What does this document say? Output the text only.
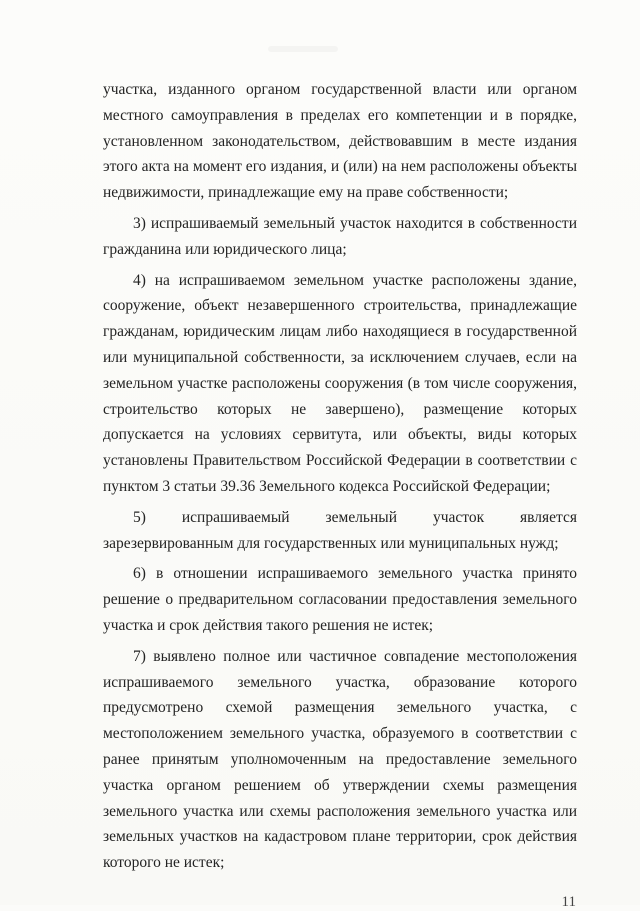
участка, изданного органом государственной власти или органом местного самоуправления в пределах его компетенции и в порядке, установленном законодательством, действовавшим в месте издания этого акта на момент его издания, и (или) на нем расположены объекты недвижимости, принадлежащие ему на праве собственности;

3) испрашиваемый земельный участок находится в собственности гражданина или юридического лица;

4) на испрашиваемом земельном участке расположены здание, сооружение, объект незавершенного строительства, принадлежащие гражданам, юридическим лицам либо находящиеся в государственной или муниципальной собственности, за исключением случаев, если на земельном участке расположены сооружения (в том числе сооружения, строительство которых не завершено), размещение которых допускается на условиях сервитута, или объекты, виды которых установлены Правительством Российской Федерации в соответствии с пунктом 3 статьи 39.36 Земельного кодекса Российской Федерации;

5) испрашиваемый земельный участок является зарезервированным для государственных или муниципальных нужд;

6) в отношении испрашиваемого земельного участка принято решение о предварительном согласовании предоставления земельного участка и срок действия такого решения не истек;

7) выявлено полное или частичное совпадение местоположения испрашиваемого земельного участка, образование которого предусмотрено схемой размещения земельного участка, с местоположением земельного участка, образуемого в соответствии с ранее принятым уполномоченным на предоставление земельного участка органом решением об утверждении схемы размещения земельного участка или схемы расположения земельного участка или земельных участков на кадастровом плане территории, срок действия которого не истек;

11
